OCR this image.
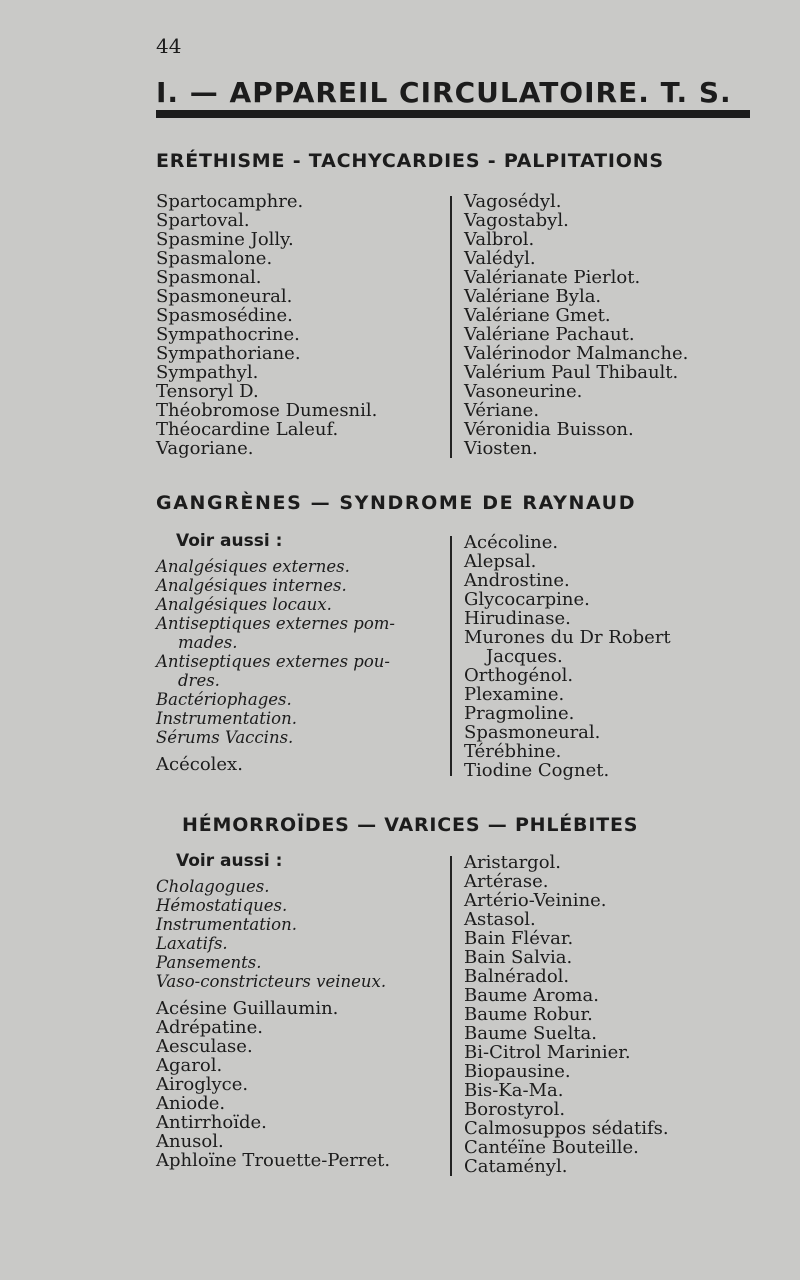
44
I. — APPAREIL CIRCULATOIRE. T. S.
ERÉTHISME - TACHYCARDIES - PALPITATIONS
Spartocamphre.
Spartoval.
Spasmine Jolly.
Spasmalone.
Spasmonal.
Spasmoneural.
Spasmosédine.
Sympathocrine.
Sympathoriane.
Sympathyl.
Tensoryl D.
Théobromose Dumesnil.
Théocardine Laleuf.
Vagoriane.
Vagosédyl.
Vagostabyl.
Valbrol.
Valédyl.
Valérianate Pierlot.
Valériane Byla.
Valériane Gmet.
Valériane Pachaut.
Valérinodor Malmanche.
Valérium Paul Thibault.
Vasoneurine.
Vériane.
Véronidia Buisson.
Viosten.
GANGRÈNES — SYNDROME DE RAYNAUD
Voir aussi :
Analgésiques externes.
Analgésiques internes.
Analgésiques locaux.
Antiseptiques externes pom-
mades.
Antiseptiques externes pou-
dres.
Bactériophages.
Instrumentation.
Sérums Vaccins.
Acécolex.
Acécoline.
Alepsal.
Androstine.
Glycocarpine.
Hirudinase.
Murones du Dr Robert
Jacques.
Orthogénol.
Plexamine.
Pragmoline.
Spasmoneural.
Térébhine.
Tiodine Cognet.
HÉMORROÏDES — VARICES — PHLÉBITES
Voir aussi :
Cholagogues.
Hémostatiques.
Instrumentation.
Laxatifs.
Pansements.
Vaso-constricteurs veineux.
Acésine Guillaumin.
Adrépatine.
Aesculase.
Agarol.
Airoglyce.
Aniode.
Antirrhoïde.
Anusol.
Aphloïne Trouette-Perret.
Aristargol.
Artérase.
Artério-Veinine.
Astasol.
Bain Flévar.
Bain Salvia.
Balnéradol.
Baume Aroma.
Baume Robur.
Baume Suelta.
Bi-Citrol Marinier.
Biopausine.
Bis-Ka-Ma.
Borostyrol.
Calmosuppos sédatifs.
Cantéïne Bouteille.
Cataményl.
